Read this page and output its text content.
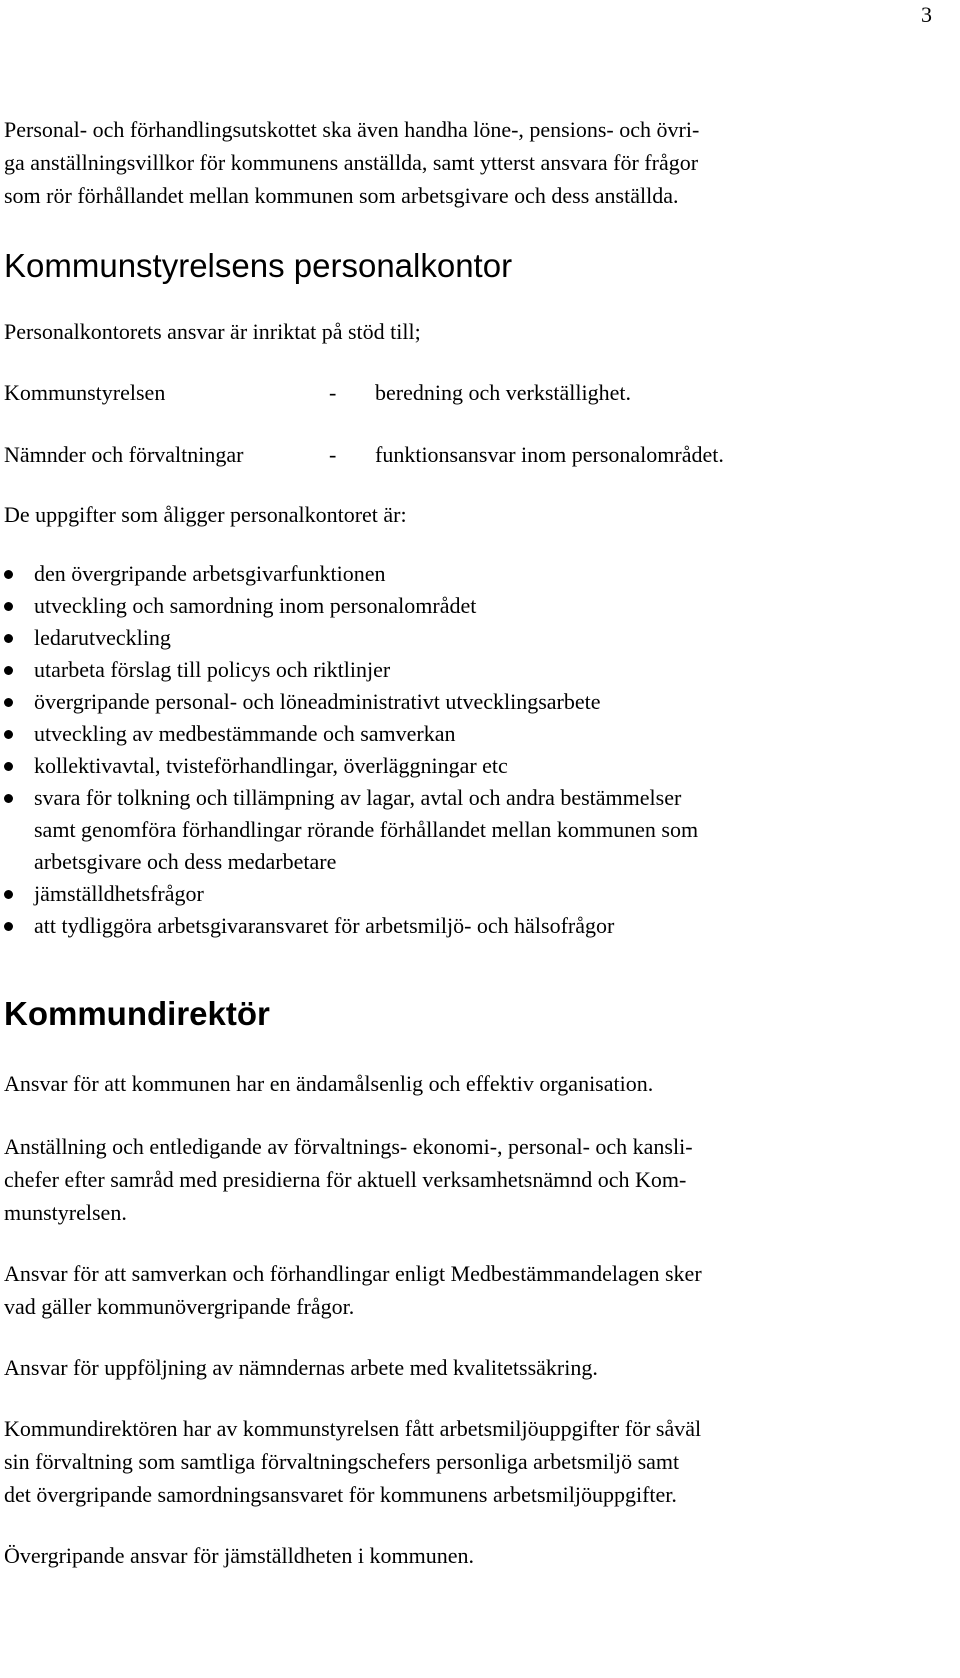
3

Personal- och förhandlingsutskottet ska även handha löne-, pensions- och övri-
ga anställningsvillkor för kommunens anställda, samt ytterst ansvara för frågor
som rör förhållandet mellan kommunen som arbetsgivare och dess anställda.

Kommunstyrelsens personalkontor

Personalkontorets ansvar är inriktat på stöd till;

Kommunstyrelsen	-	beredning och verkställighet.
Nämnder och förvaltningar	-	funktionsansvar inom personalområdet.

De uppgifter som åligger personalkontoret är:

den övergripande arbetsgivarfunktionen
utveckling och samordning inom personalområdet
ledarutveckling
utarbeta förslag till policys och riktlinjer
övergripande personal- och löneadministrativt utvecklingsarbete
utveckling av medbestämmande och samverkan
kollektivavtal, tvisteförhandlingar, överläggningar etc
svara för tolkning och tillämpning av lagar, avtal och andra bestämmelser
samt genomföra förhandlingar rörande förhållandet mellan kommunen som
arbetsgivare och dess medarbetare
jämställdhetsfrågor
att tydliggöra arbetsgivaransvaret för arbetsmiljö- och hälsofrågor
Kommundirektör

Ansvar för att kommunen har en ändamålsenlig och effektiv organisation.

Anställning och entledigande av förvaltnings- ekonomi-, personal- och kansli-
chefer efter samråd med presidierna för aktuell verksamhetsnämnd och Kom-
munstyrelsen.

Ansvar för att samverkan och förhandlingar enligt Medbestämmandelagen sker
vad gäller kommunövergripande frågor.

Ansvar för uppföljning av nämndernas arbete med kvalitetssäkring.

Kommundirektören har av kommunstyrelsen fått arbetsmiljöuppgifter för såväl
sin förvaltning som samtliga förvaltningschefers personliga arbetsmiljö samt
det övergripande samordningsansvaret för kommunens arbetsmiljöuppgifter.

Övergripande ansvar för jämställdheten i kommunen.
